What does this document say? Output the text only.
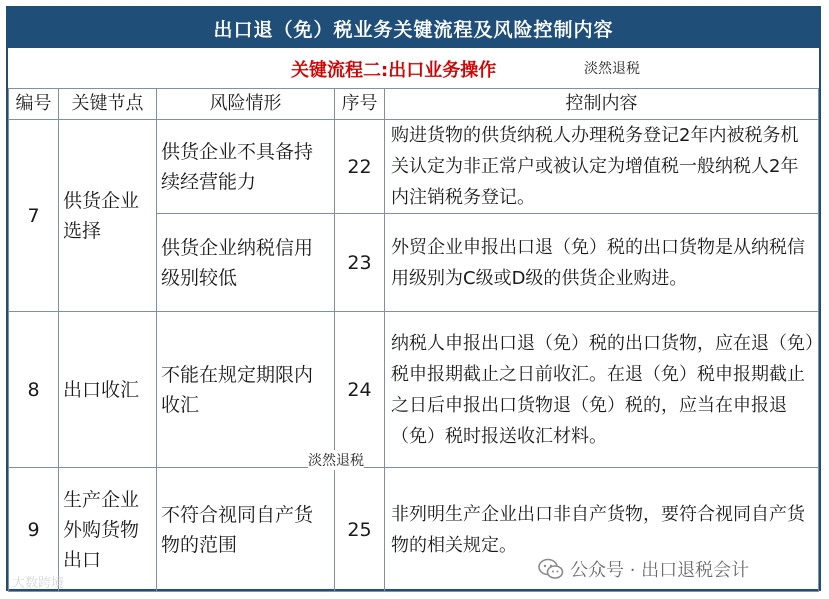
出口退（免）税业务关键流程及风险控制内容
关键流程二:出口业务操作	淡然退税
编号	关键节点	风险情形	序号	控制内容
7	供货企业选择	供货企业不具备持续经营能力	22	购进货物的供货纳税人办理税务登记2年内被税务机关认定为非正常户或被认定为增值税一般纳税人2年内注销税务登记。
		供货企业纳税信用级别较低	23	外贸企业申报出口退（免）税的出口货物是从纳税信用级别为C级或D级的供货企业购进。
8	出口收汇	不能在规定期限内收汇	24	纳税人申报出口退（免）税的出口货物，应在退（免）税申报期截止之日前收汇。在退（免）税申报期截止之日后申报出口货物退（免）税的，应当在申报退（免）税时报送收汇材料。
9	生产企业外购货物出口	不符合视同自产货物的范围	25	非列明生产企业出口非自产货物，要符合视同自产货物的相关规定。
淡然退税
大数跨境
公众号 · 出口退税会计
